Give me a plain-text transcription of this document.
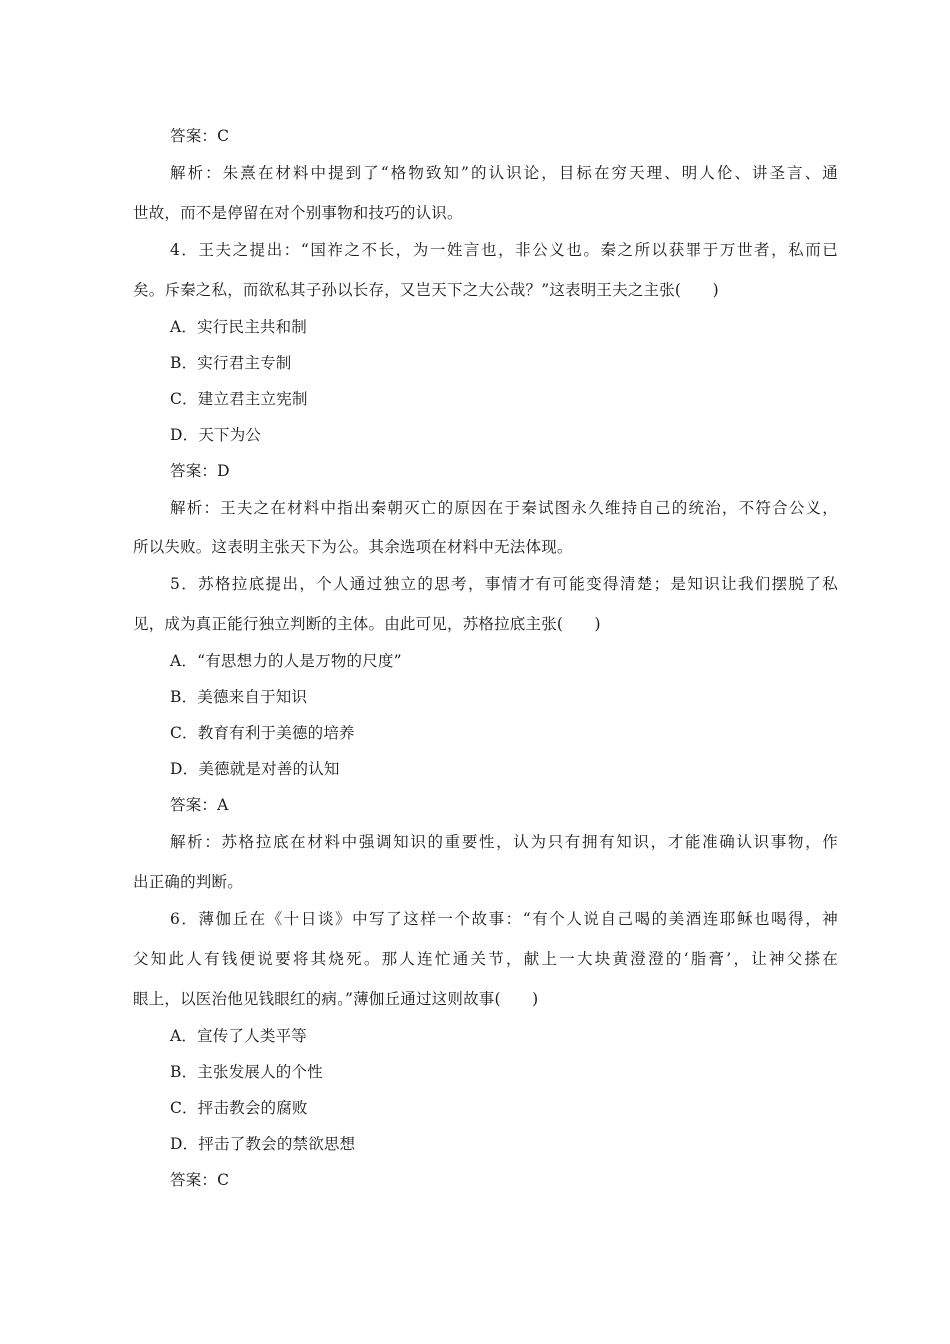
答案：C
解析：朱熹在材料中提到了“格物致知”的认识论，目标在穷天理、明人伦、讲圣言、通
世故，而不是停留在对个别事物和技巧的认识。
4．王夫之提出：“国祚之不长，为一姓言也，非公义也。秦之所以获罪于万世者，私而已
矣。斥秦之私，而欲私其子孙以长存，又岂天下之大公哉？”这表明王夫之主张(　　)
A．实行民主共和制
B．实行君主专制
C．建立君主立宪制
D．天下为公
答案：D
解析：王夫之在材料中指出秦朝灭亡的原因在于秦试图永久维持自己的统治，不符合公义，
所以失败。这表明主张天下为公。其余选项在材料中无法体现。
5．苏格拉底提出，个人通过独立的思考，事情才有可能变得清楚；是知识让我们摆脱了私
见，成为真正能行独立判断的主体。由此可见，苏格拉底主张(　　)
A．“有思想力的人是万物的尺度”
B．美德来自于知识
C．教育有利于美德的培养
D．美德就是对善的认知
答案：A
解析：苏格拉底在材料中强调知识的重要性，认为只有拥有知识，才能准确认识事物，作
出正确的判断。
6．薄伽丘在《十日谈》中写了这样一个故事：“有个人说自己喝的美酒连耶稣也喝得，神
父知此人有钱便说要将其烧死。那人连忙通关节，献上一大块黄澄澄的‘脂膏’，让神父搽在
眼上，以医治他见钱眼红的病。”薄伽丘通过这则故事(　　)
A．宣传了人类平等
B．主张发展人的个性
C．抨击教会的腐败
D．抨击了教会的禁欲思想
答案：C
